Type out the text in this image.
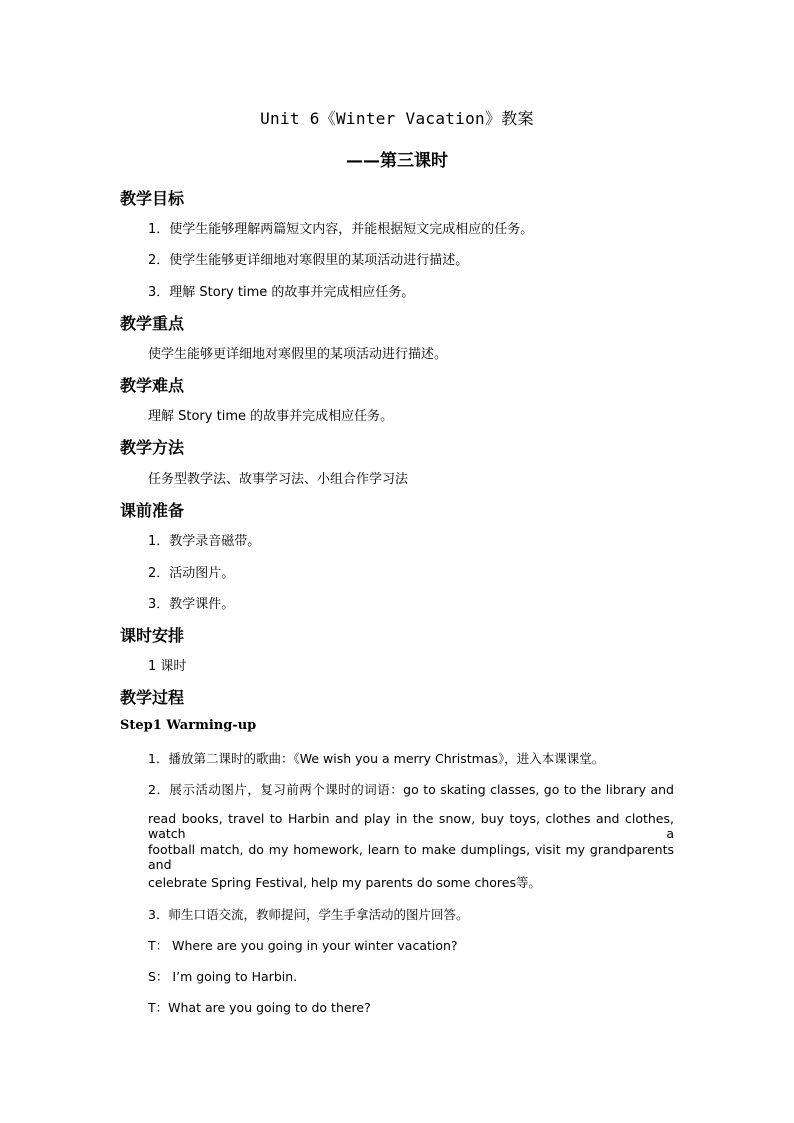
Unit 6《Winter Vacation》教案
——第三课时
教学目标
1．使学生能够理解两篇短文内容，并能根据短文完成相应的任务。
2．使学生能够更详细地对寒假里的某项活动进行描述。
3．理解 Story time 的故事并完成相应任务。
教学重点
使学生能够更详细地对寒假里的某项活动进行描述。
教学难点
理解 Story time 的故事并完成相应任务。
教学方法
任务型教学法、故事学习法、小组合作学习法
课前准备
1．教学录音磁带。
2．活动图片。
3．教学课件。
课时安排
1 课时
教学过程
Step1 Warming-up
1．播放第二课时的歌曲：《We wish you a merry Christmas》，进入本课课堂。
2．展示活动图片，复习前两个课时的词语：go to skating classes, go to the library and
read books, travel to Harbin and play in the snow, buy toys, clothes and clothes, watch a
football match, do my homework, learn to make dumplings, visit my grandparents and
celebrate Spring Festival, help my parents do some chores等。
3．师生口语交流，教师提问，学生手拿活动的图片回答。
T： Where are you going in your winter vacation?
S： I’m going to Harbin.
T：What are you going to do there?
